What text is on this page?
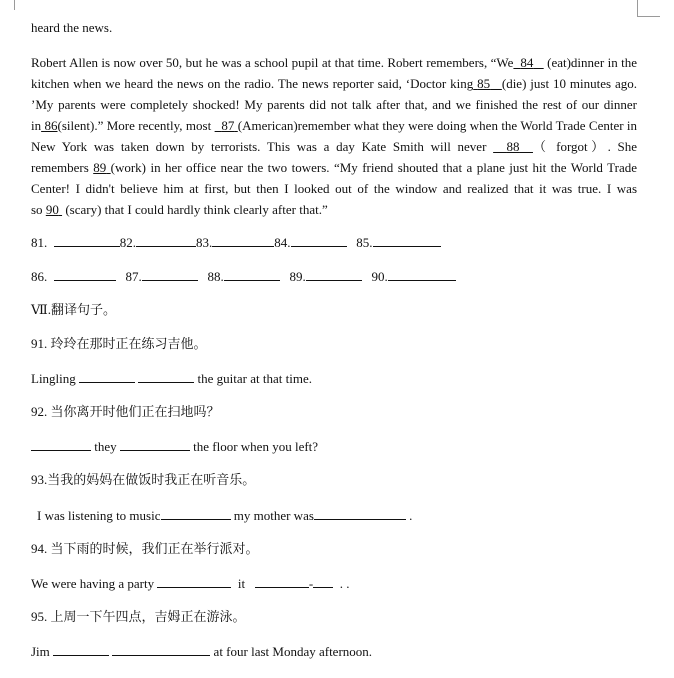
heard the news.
Robert Allen is now over 50, but he was a school pupil at that time. Robert remembers, “We 84 (eat)dinner in the kitchen when we heard the news on the radio. The news reporter said, ‘Doctor king 85 (die) just 10 minutes ago. ’My parents were completely shocked! My parents did not talk after that, and we finished the rest of our dinner in 86(silent).” More recently, most 87 (American)remember what they were doing when the World Trade Center in New York was taken down by terrorists. This was a day Kate Smith will never 88 （ forgot）. She remembers 89 (work) in her office near the two towers. “My friend shouted that a plane just hit the World Trade Center! I didn't believe him at first, but then I looked out of the window and realized that it was true. I was so 90 (scary) that I could hardly think clearly after that.”
81.	82.	83.	84.	85.
86.	87.	88.	89.	90.
Ⅶ.翻译句子。
91. 玲玲在那时正在练习吉他。
Lingling	the guitar at that time.
92. 当你离开时他们正在扫地吗？
they	the floor when you left?
93.当我的妈妈在做饭时我正在听音乐。
I was listening to music	my mother was	.
94. 当下雨的时候，我们正在举行派对。
We were having a party	it	- . .
95. 上周一下午四点，吉姆正在游泳。
Jim	at four last Monday afternoon.
